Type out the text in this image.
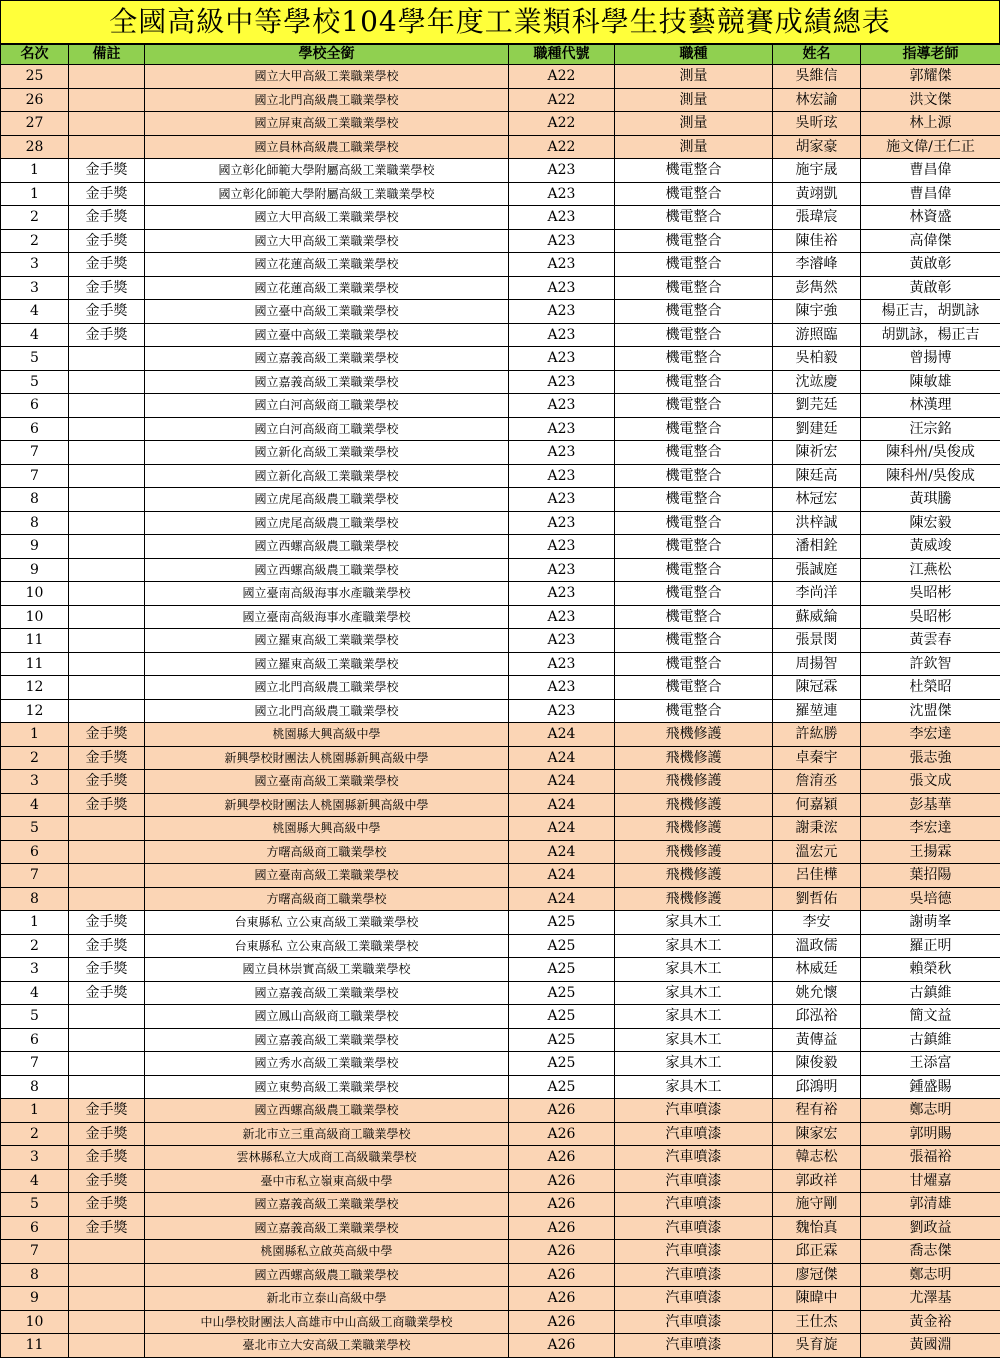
全國高級中等學校104學年度工業類科學生技藝競賽成績總表
名次	備註	學校全銜	職種代號	職種	姓名	指導老師
25		國立大甲高級工業職業學校	A22	測量	吳維信	郭耀傑
26		國立北門高級農工職業學校	A22	測量	林宏諭	洪文傑
27		國立屏東高級工業職業學校	A22	測量	吳昕玹	林上源
28		國立員林高級農工職業學校	A22	測量	胡家豪	施文偉/王仁正
1	金手獎	國立彰化師範大學附屬高級工業職業學校	A23	機電整合	施宇晟	曹昌偉
1	金手獎	國立彰化師範大學附屬高級工業職業學校	A23	機電整合	黃翊凱	曹昌偉
2	金手獎	國立大甲高級工業職業學校	A23	機電整合	張瑋宸	林資盛
2	金手獎	國立大甲高級工業職業學校	A23	機電整合	陳佳裕	高偉傑
3	金手獎	國立花蓮高級工業職業學校	A23	機電整合	李濬峰	黃啟彰
3	金手獎	國立花蓮高級工業職業學校	A23	機電整合	彭雋然	黃啟彰
4	金手獎	國立臺中高級工業職業學校	A23	機電整合	陳宇強	楊正吉，胡凱詠
4	金手獎	國立臺中高級工業職業學校	A23	機電整合	游照臨	胡凱詠，楊正吉
5		國立嘉義高級工業職業學校	A23	機電整合	吳柏毅	曾揚博
5		國立嘉義高級工業職業學校	A23	機電整合	沈竑慶	陳敏雄
6		國立白河高級商工職業學校	A23	機電整合	劉芫廷	林漢理
6		國立白河高級商工職業學校	A23	機電整合	劉建廷	汪宗銘
7		國立新化高級工業職業學校	A23	機電整合	陳祈宏	陳科州/吳俊成
7		國立新化高級工業職業學校	A23	機電整合	陳廷高	陳科州/吳俊成
8		國立虎尾高級農工職業學校	A23	機電整合	林冠宏	黃琪騰
8		國立虎尾高級農工職業學校	A23	機電整合	洪梓誠	陳宏毅
9		國立西螺高級農工職業學校	A23	機電整合	潘相銓	黃威竣
9		國立西螺高級農工職業學校	A23	機電整合	張誠庭	江燕松
10		國立臺南高級海事水產職業學校	A23	機電整合	李尚洋	吳昭彬
10		國立臺南高級海事水產職業學校	A23	機電整合	蘇威綸	吳昭彬
11		國立羅東高級工業職業學校	A23	機電整合	張景閔	黃雲春
11		國立羅東高級工業職業學校	A23	機電整合	周揚智	許欽智
12		國立北門高級農工職業學校	A23	機電整合	陳冠霖	杜榮昭
12		國立北門高級農工職業學校	A23	機電整合	羅堃連	沈盟傑
1	金手獎	桃園縣大興高級中學	A24	飛機修護	許紘勝	李宏達
2	金手獎	新興學校財團法人桃園縣新興高級中學	A24	飛機修護	卓秦宇	張志強
3	金手獎	國立臺南高級工業職業學校	A24	飛機修護	詹淯丞	張文成
4	金手獎	新興學校財團法人桃園縣新興高級中學	A24	飛機修護	何嘉穎	彭基華
5		桃園縣大興高級中學	A24	飛機修護	謝秉浤	李宏達
6		方曙高級商工職業學校	A24	飛機修護	溫宏元	王揚霖
7		國立臺南高級工業職業學校	A24	飛機修護	呂佳樺	葉招陽
8		方曙高級商工職業學校	A24	飛機修護	劉哲佑	吳培德
1	金手獎	台東縣私 立公東高級工業職業學校	A25	家具木工	李安	謝萌峯
2	金手獎	台東縣私 立公東高級工業職業學校	A25	家具木工	溫政儒	羅正明
3	金手獎	國立員林崇實高級工業職業學校	A25	家具木工	林威廷	賴榮秋
4	金手獎	國立嘉義高級工業職業學校	A25	家具木工	姚允懷	古鎮維
5		國立鳳山高級商工職業學校	A25	家具木工	邱泓裕	簡文益
6		國立嘉義高級工業職業學校	A25	家具木工	黃傳益	古鎮維
7		國立秀水高級工業職業學校	A25	家具木工	陳俊毅	王添富
8		國立東勢高級工業職業學校	A25	家具木工	邱鴻明	鍾盛賜
1	金手獎	國立西螺高級農工職業學校	A26	汽車噴漆	程有裕	鄭志明
2	金手獎	新北市立三重高級商工職業學校	A26	汽車噴漆	陳家宏	郭明賜
3	金手獎	雲林縣私立大成商工高級職業學校	A26	汽車噴漆	韓志松	張福裕
4	金手獎	臺中市私立嶺東高級中學	A26	汽車噴漆	郭政祥	甘燿嘉
5	金手獎	國立嘉義高級工業職業學校	A26	汽車噴漆	施守剛	郭清雄
6	金手獎	國立嘉義高級工業職業學校	A26	汽車噴漆	魏怡真	劉政益
7		桃園縣私立啟英高級中學	A26	汽車噴漆	邱正霖	喬志傑
8		國立西螺高級農工職業學校	A26	汽車噴漆	廖冠傑	鄭志明
9		新北市立泰山高級中學	A26	汽車噴漆	陳暐中	尤澤基
10		中山學校財團法人高雄市中山高級工商職業學校	A26	汽車噴漆	王仕杰	黃金裕
11		臺北市立大安高級工業職業學校	A26	汽車噴漆	吳育旋	黃國淵
